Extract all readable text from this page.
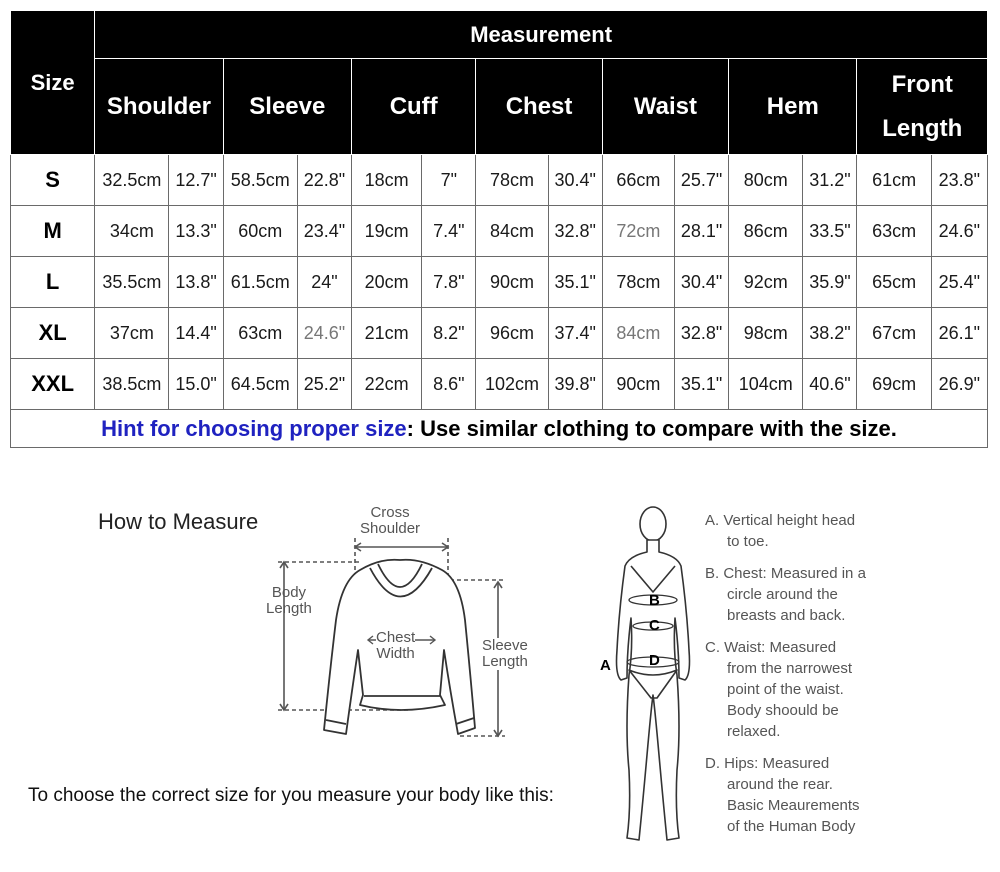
Size	Measurement													
	Shoulder		Sleeve		Cuff		Chest		Waist		Hem		Front
Length	
S	32.5cm	12.7"	58.5cm	22.8"	18cm	7"	78cm	30.4"	66cm	25.7"	80cm	31.2"	61cm	23.8"
M	34cm	13.3"	60cm	23.4"	19cm	7.4"	84cm	32.8"	72cm	28.1"	86cm	33.5"	63cm	24.6"
L	35.5cm	13.8"	61.5cm	24"	20cm	7.8"	90cm	35.1"	78cm	30.4"	92cm	35.9"	65cm	25.4"
XL	37cm	14.4"	63cm	24.6"	21cm	8.2"	96cm	37.4"	84cm	32.8"	98cm	38.2"	67cm	26.1"
XXL	38.5cm	15.0"	64.5cm	25.2"	22cm	8.6"	102cm	39.8"	90cm	35.1"	104cm	40.6"	69cm	26.9"
Hint for choosing proper size: Use similar clothing to compare with the size.														
How to Measure	Cross
Shoulder
Body
Length
Chest
Width	Sleeve
Length	A
B
C
D
A. Vertical height head
to toe.
B. Chest: Measured in a
circle around the
breasts and back.
C. Waist: Measured
from the narrowest
point of the waist.
Body shoould be
relaxed.
D. Hips: Measured
around the rear.
Basic Meaurements
of the Human Body
To choose the correct size for you measure your body like this:
